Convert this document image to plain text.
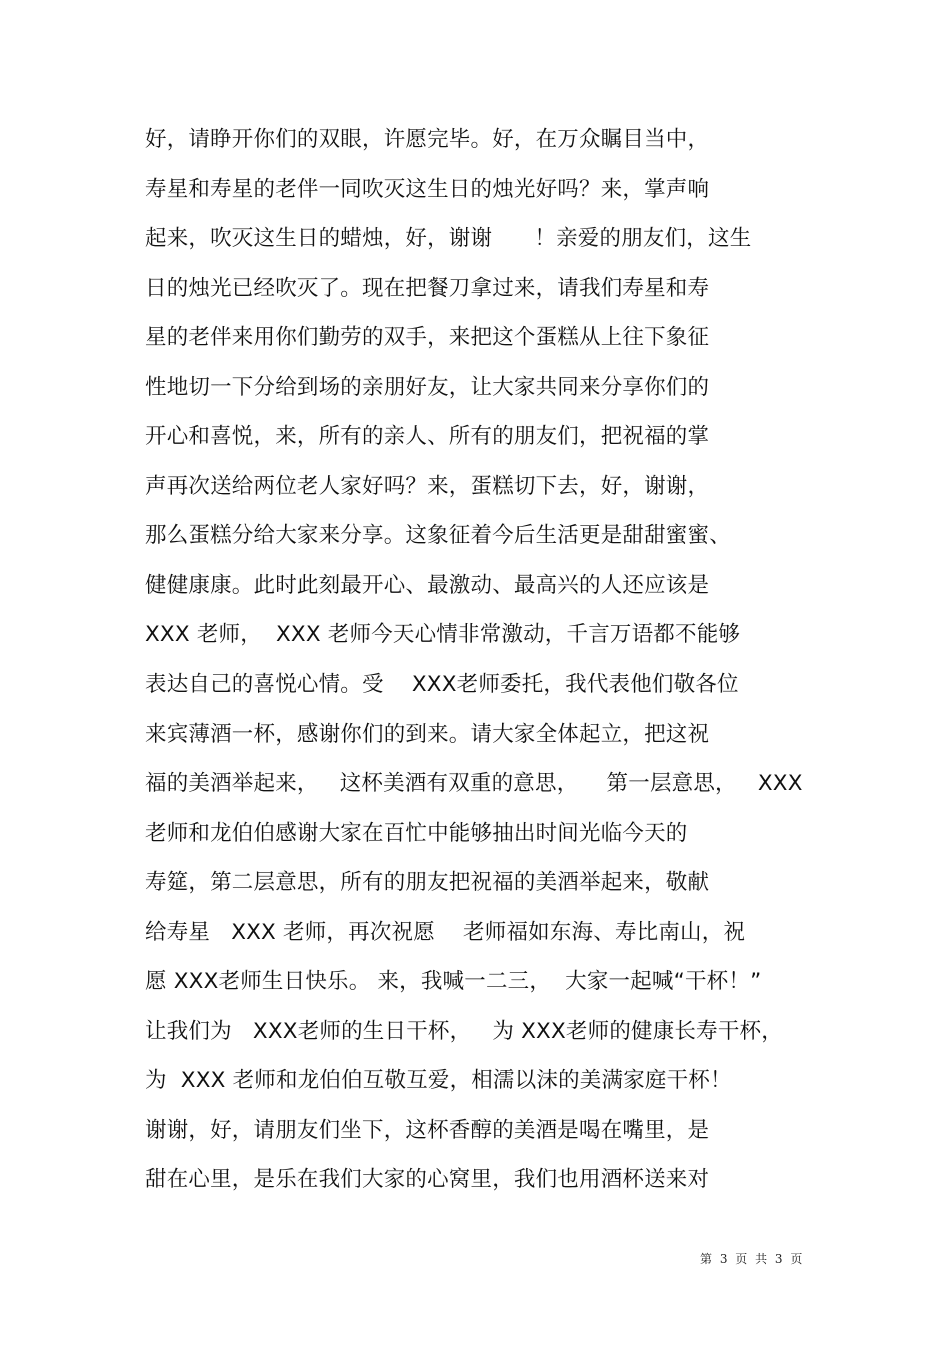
好，请睁开你们的双眼，许愿完毕。好，在万众瞩目当中，
寿星和寿星的老伴一同吹灭这生日的烛光好吗？来，掌声响
起来，吹灭这生日的蜡烛，好，谢谢      ！亲爱的朋友们，这生
日的烛光已经吹灭了。现在把餐刀拿过来，请我们寿星和寿
星的老伴来用你们勤劳的双手，来把这个蛋糕从上往下象征
性地切一下分给到场的亲朋好友，让大家共同来分享你们的
开心和喜悦，来，所有的亲人、所有的朋友们，把祝福的掌
声再次送给两位老人家好吗？来，蛋糕切下去，好，谢谢，
那么蛋糕分给大家来分享。这象征着今后生活更是甜甜蜜蜜、
健健康康。此时此刻最开心、最激动、最高兴的人还应该是
XXX 老师，  XXX 老师今天心情非常激动，千言万语都不能够
表达自己的喜悦心情。受    XXX老师委托，我代表他们敬各位
来宾薄酒一杯，感谢你们的到来。请大家全体起立，把这祝
福的美酒举起来，   这杯美酒有双重的意思，    第一层意思，   XXX
老师和龙伯伯感谢大家在百忙中能够抽出时间光临今天的
寿筵，第二层意思，所有的朋友把祝福的美酒举起来，敬献
给寿星   XXX 老师，再次祝愿    老师福如东海、寿比南山，祝
愿 XXX老师生日快乐。 来，我喊一二三，  大家一起喊“干杯！”
让我们为   XXX老师的生日干杯，   为 XXX老师的健康长寿干杯，
为  XXX 老师和龙伯伯互敬互爱，相濡以沫的美满家庭干杯！
谢谢，好，请朋友们坐下，这杯香醇的美酒是喝在嘴里，是
甜在心里，是乐在我们大家的心窝里，我们也用酒杯送来对
第 3 页 共 3 页
